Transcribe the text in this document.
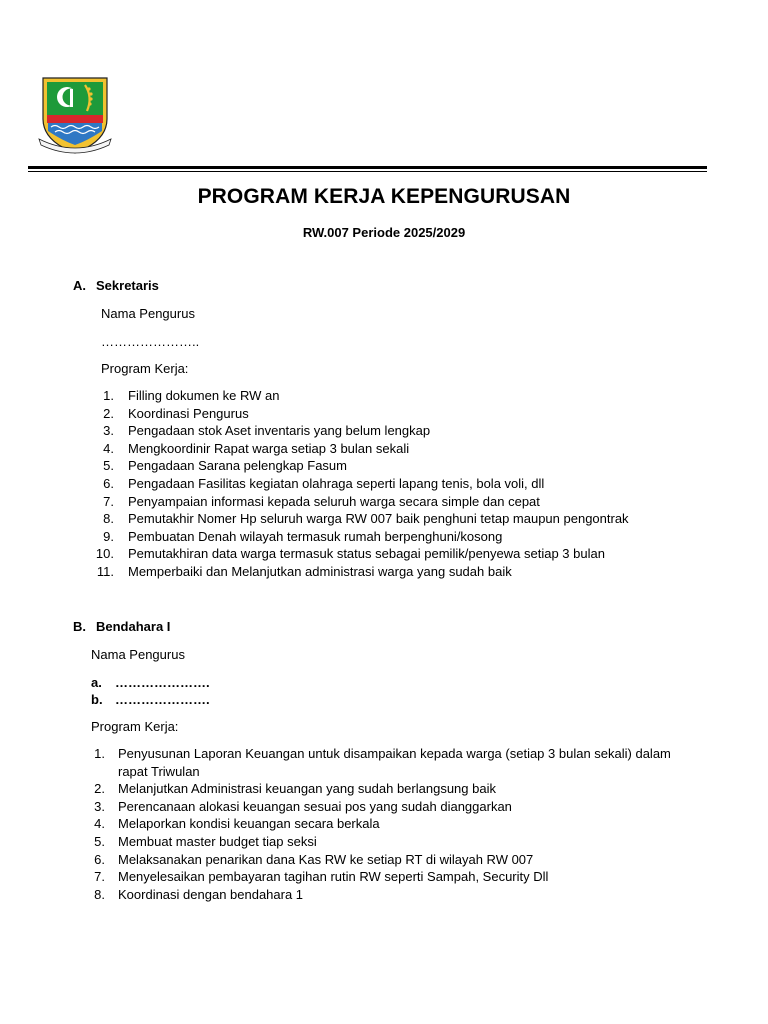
PROGRAM KERJA KEPENGURUSAN
RW.007 Periode 2025/2029
A. Sekretaris
Nama Pengurus
…………………..
Program Kerja:
1. Filling dokumen ke RW an
2. Koordinasi Pengurus
3. Pengadaan stok Aset inventaris yang belum lengkap
4. Mengkoordinir Rapat warga setiap 3 bulan sekali
5. Pengadaan Sarana pelengkap Fasum
6. Pengadaan Fasilitas kegiatan olahraga seperti lapang tenis, bola voli, dll
7. Penyampaian informasi kepada seluruh warga secara simple dan cepat
8. Pemutakhir Nomer Hp seluruh warga RW 007 baik penghuni tetap maupun pengontrak
9. Pembuatan Denah wilayah termasuk rumah berpenghuni/kosong
10. Pemutakhiran data warga termasuk status sebagai pemilik/penyewa setiap 3 bulan
11. Memperbaiki dan Melanjutkan administrasi warga yang sudah baik
B. Bendahara I
Nama Pengurus
a. ………………….
b. ………………….
Program Kerja:
1. Penyusunan Laporan Keuangan untuk disampaikan kepada warga (setiap 3 bulan sekali) dalam
rapat Triwulan
2. Melanjutkan Administrasi keuangan yang sudah berlangsung baik
3. Perencanaan alokasi keuangan sesuai pos yang sudah dianggarkan
4. Melaporkan kondisi keuangan secara berkala
5. Membuat master budget tiap seksi
6. Melaksanakan penarikan dana Kas RW ke setiap RT di wilayah RW 007
7. Menyelesaikan pembayaran tagihan rutin RW seperti Sampah, Security Dll
8. Koordinasi dengan bendahara 1
